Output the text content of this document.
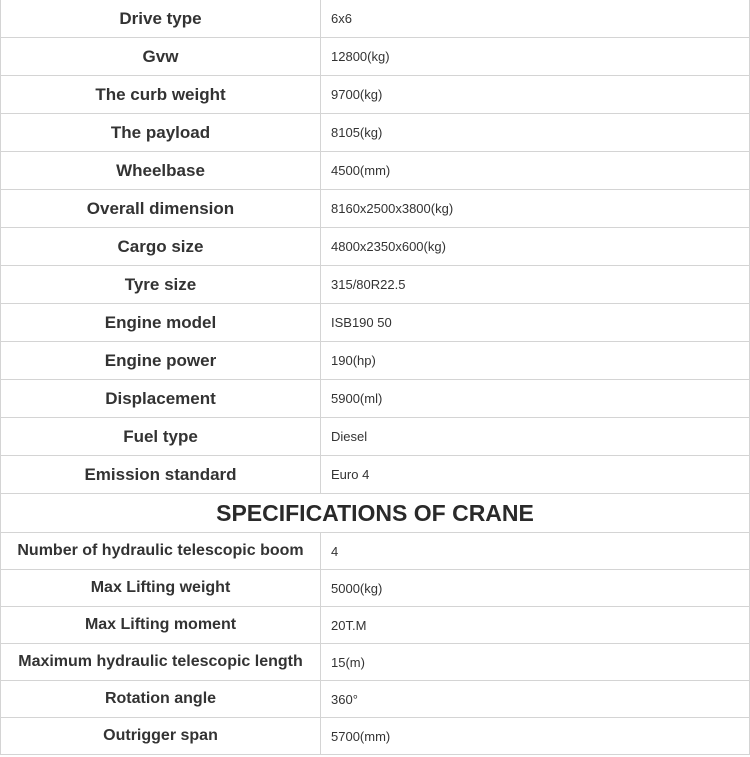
Drive type	6x6
Gvw	12800(kg)
The curb weight	9700(kg)
The payload	8105(kg)
Wheelbase	4500(mm)
Overall dimension	8160x2500x3800(kg)
Cargo size	4800x2350x600(kg)
Tyre size	315/80R22.5
Engine model	ISB190 50
Engine power	190(hp)
Displacement	5900(ml)
Fuel type	Diesel
Emission standard	Euro 4
SPECIFICATIONS OF CRANE	
Number of hydraulic telescopic boom	4
Max Lifting weight	5000(kg)
Max Lifting moment	20T.M
Maximum hydraulic telescopic length	15(m)
Rotation angle	360°
Outrigger span	5700(mm)
